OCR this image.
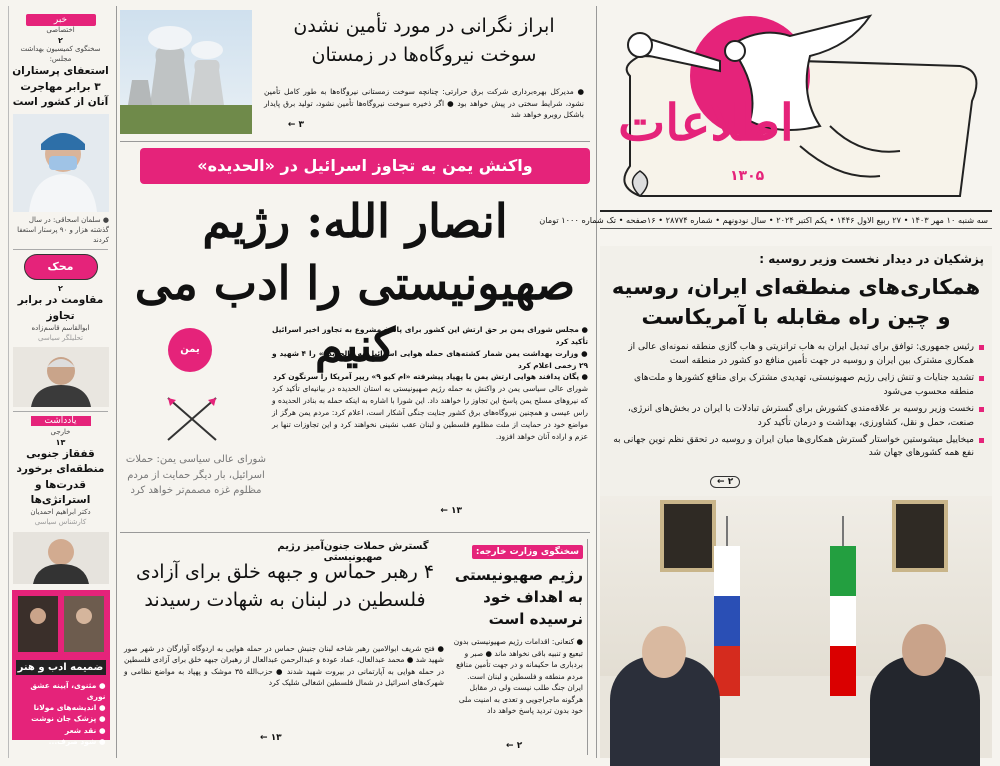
اطلاعات
۱۳۰۵
سه شنبه ۱۰ مهر ۱۴۰۳ • ۲۷ ربیع الاول ۱۴۴۶ • یکم اکتبر ۲۰۲۴ • سال نودونهم • شماره ۲۸۷۷۴ • ۱۶صفحه • تک شماره ۱۰۰۰ تومان
پزشکیان در دیدار نخست وزیر روسیه :
همکاری‌های منطقه‌ای ایران، روسیه و چین راه مقابله با آمریکاست
رئیس جمهوری: توافق برای تبدیل ایران به هاب ترانزیتی و هاب گازی منطقه نمونه‌ای عالی از همکاری مشترک بین ایران و روسیه در جهت تأمین منافع دو کشور در منطقه است
تشدید جنایات و تنش زایی رژیم صهیونیستی، تهدیدی مشترک برای منافع کشورها و ملت‌های منطقه محسوب می‌شود
نخست وزیر روسیه بر علاقه‌مندی کشورش برای گسترش تبادلات با ایران در بخش‌های انرژی، صنعت، حمل و نقل، کشاورزی، بهداشت و درمان تأکید کرد
میخاییل میشوستین خواستار گسترش همکاری‌ها میان ایران و روسیه در تحقق نظم نوین جهانی به نفع همه کشورهای جهان شد
۲ ←
ابراز نگرانی در مورد تأمین نشدن سوخت نیروگاه‌ها در زمستان
● مدیرکل بهره‌برداری شرکت برق حرارتی: چنانچه سوخت زمستانی نیروگاه‌ها به طور کامل تأمین نشود، شرایط سختی در پیش خواهد بود ● اگر ذخیره سوخت نیروگاه‌ها تأمین نشود، تولید برق پایدار باشکل روبرو خواهد شد
۳ ←
واکنش یمن به تجاوز اسرائیل در «الحدیده»
انصار الله: رژیم صهیونیستی را ادب می کنیم
● مجلس شورای یمن بر حق ارتش این کشور برای پاسخ مشروع به تجاوز اخیر اسرائیل تأکید کرد
● وزارت بهداشت یمن شمار کشته‌های حمله هوایی اسرائیل به «الحدیده» را ۴ شهید و ۲۹ زخمی اعلام کرد
● یگان پدافند هوایی ارتش یمن با پهپاد پیشرفته «ام کیو ۹» ریپر آمریکا را سرنگون کرد
شورای عالی سیاسی یمن در واکنش به حمله رژیم صهیونیستی به استان الحدیده در بیانیه‌ای تأکید کرد که نیروهای مسلح یمن پاسخ این تجاوز را خواهند داد. این شورا با اشاره به اینکه حمله به بنادر الحدیده و راس عیسی و همچنین نیروگاه‌های برق کشور جنایت جنگی آشکار است، اعلام کرد: مردم یمن هرگز از مواضع خود در حمایت از ملت مظلوم فلسطین و لبنان عقب نشینی نخواهند کرد و این تجاوزات تنها بر عزم و اراده آنان خواهد افزود.
۱۳ ←
یمن
شورای عالی سیاسی یمن: حملات اسرائیل، بار دیگر حمایت از مردم مظلوم غزه مصمم‌تر خواهد کرد
گسترش حملات جنون‌آمیز رژیم صهیونیستی
۴ رهبر حماس و جبهه خلق برای آزادی فلسطین در لبنان به شهادت رسیدند
● فتح شریف ابوالامین رهبر شاخه لبنان جنبش حماس در حمله هوایی به اردوگاه آوارگان در شهر صور شهید شد ● محمد عبدالعال، عماد عودة و عبدالرحمن عبدالعال از رهبران جبهه خلق برای آزادی فلسطین در حمله هوایی به آپارتمانی در بیروت شهید شدند ● حزب‌الله ۳۵ موشک و پهپاد به مواضع نظامی و شهرک‌های اسرائیل در شمال فلسطین اشغالی شلیک کرد
۱۳ ←
سخنگوی وزارت خارجه:
رژیم صهیونیستی به اهداف خود نرسیده است
● کنعانی: اقدامات رژیم صهیونیستی بدون تبعیع و تنبیه باقی نخواهد ماند ● صبر و بردباری ما حکیمانه و در جهت تأمین منافع مردم منطقه و فلسطین و لبنان است. ایران جنگ طلب نیست ولی در مقابل هرگونه ماجراجویی و تعدی به امنیت ملی خود بدون تردید پاسخ خواهد داد
۲ ←
خبر
اختصاصی
۲
سخنگوی کمیسیون بهداشت مجلس:
استعفای پرستاران ۳ برابر مهاجرت آنان از کشور است
● سلمان اسحاقی: در سال گذشته هزار و ۹۰ پرستار استعفا کردند
محک
۲
مقاومت در برابر تجاوز
ابوالقاسم قاسم‌زاده
تحلیلگر سیاسی
یادداشت
خارجی
۱۳
قفقاز جنوبی منطقه‌ای برخورد قدرت‌ها و استراتژی‌ها
دکتر ابراهیم احمدیان
کارشناس سیاسی
ضمیمه ادب و هنر
● مثنوی، آیینه عشق نوری
● اندیشه‌های مولانا
● پزشک جان نوشت
● نقد شعر
● شود صرف...
